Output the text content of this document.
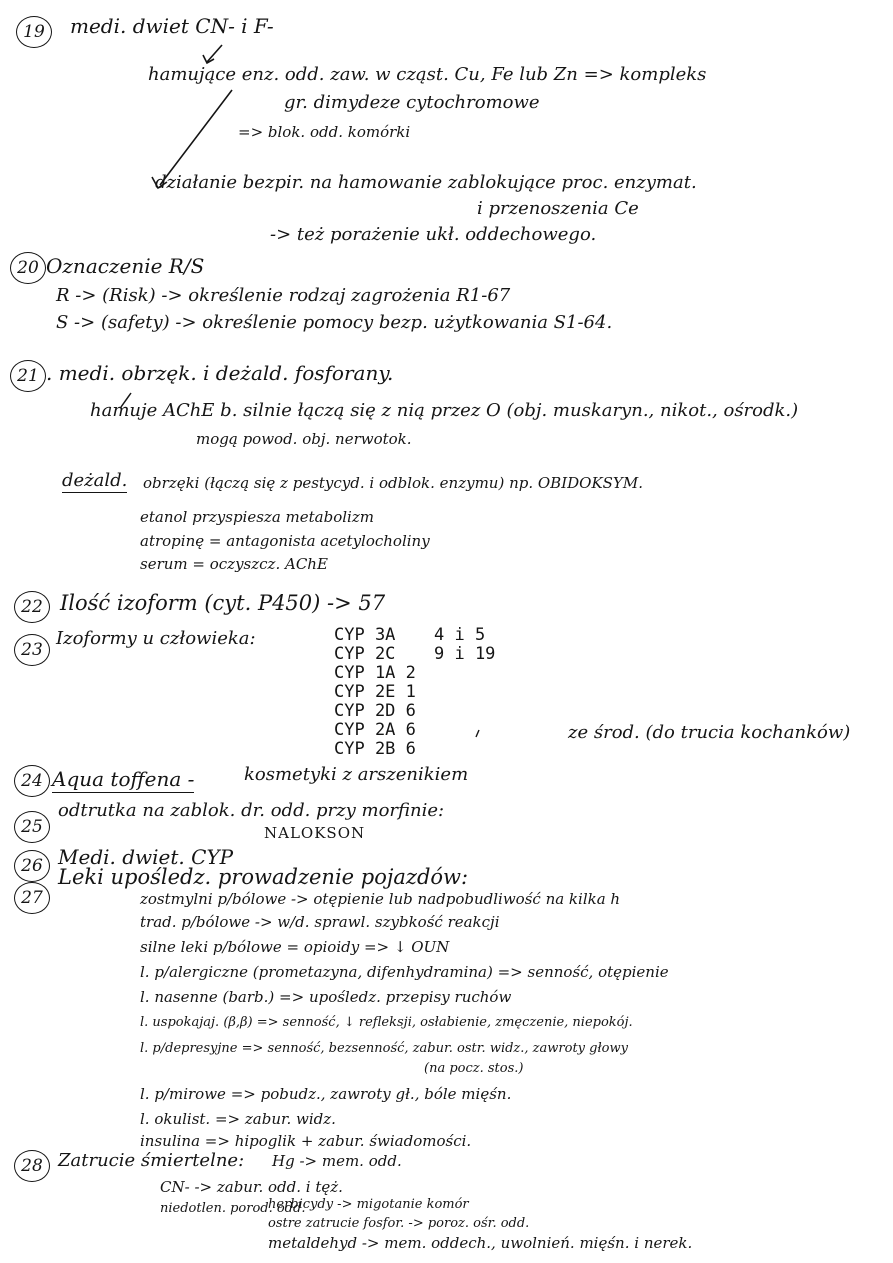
19	medi. dwiet CN- i F-
hamujące enz. odd. zaw. w cząst. Cu, Fe lub Zn => kompleks
gr. dimydeze cytochromowe
=> blok. odd. komórki
działanie bezpir. na hamowanie zablokujące proc. enzymat.
i przenoszenia Ce
-> też porażenie ukł. oddechowego.
20 Oznaczenie R/S
R -> (Risk) -> określenie rodzaj zagrożenia R1-67
S -> (safety) -> określenie pomocy bezp. użytkowania S1-64.
21 . medi. obrzęk. i deżald. fosforany.
hamuje AChE b. silnie łączą się z nią przez O (obj. muskaryn., nikot., ośrodk.)
mogą powod. obj. nerwotok.
deżald. obrzęki (łączą się z pestycyd. i odblok. enzymu) np. OBIDOKSYM.
etanol przyspiesza metabolizm
atropinę = antagonista acetylocholiny
serum = oczyszcz. AChE
22 Ilość izoform (cyt. P450) -> 57
23
Izoformy u człowieka:	CYP 3A 4 i 5
CYP 2C 9 i 19
CYP 1A 2
CYP 2E 1
CYP 2D 6
CYP 2A 6
CYP 2B 6
ze środ. (do trucia kochanków)
24 Aqua toffena -	kosmetyki z arszenikiem
25
odtrutka na zablok. dr. odd. przy morfinie:
NALOKSON
26 Medi. dwiet. CYP
27
Leki upośledz. prowadzenie pojazdów:
zostmylni p/bólowe -> otępienie lub nadpobudliwość na kilka h
trad. p/bólowe -> w/d. sprawl. szybkość reakcji
silne leki p/bólowe = opioidy => ↓ OUN
l. p/alergiczne (prometazyna, difenhydramina) => senność, otępienie
l. nasenne (barb.) => upośledz. przepisy ruchów
l. uspokajaj. (β,β) => senność, ↓ refleksji, osłabienie, zmęczenie, niepokój.
l. p/depresyjne => senność, bezsenność, zabur. ostr. widz., zawroty głowy
(na pocz. stos.)
l. p/mirowe => pobudz., zawroty gł., bóle mięśn.
l. okulist. => zabur. widz.
insulina => hipoglik + zabur. świadomości.
28 Zatrucie śmiertelne: Hg -> mem. odd.
CN- -> zabur. odd. i tęż.
niedotlen. porod. odd.
herbicydy -> migotanie komór
ostre zatrucie fosfor. -> poroz. ośr. odd.
metaldehyd -> mem. oddech., uwolnień. mięśn. i nerek.
